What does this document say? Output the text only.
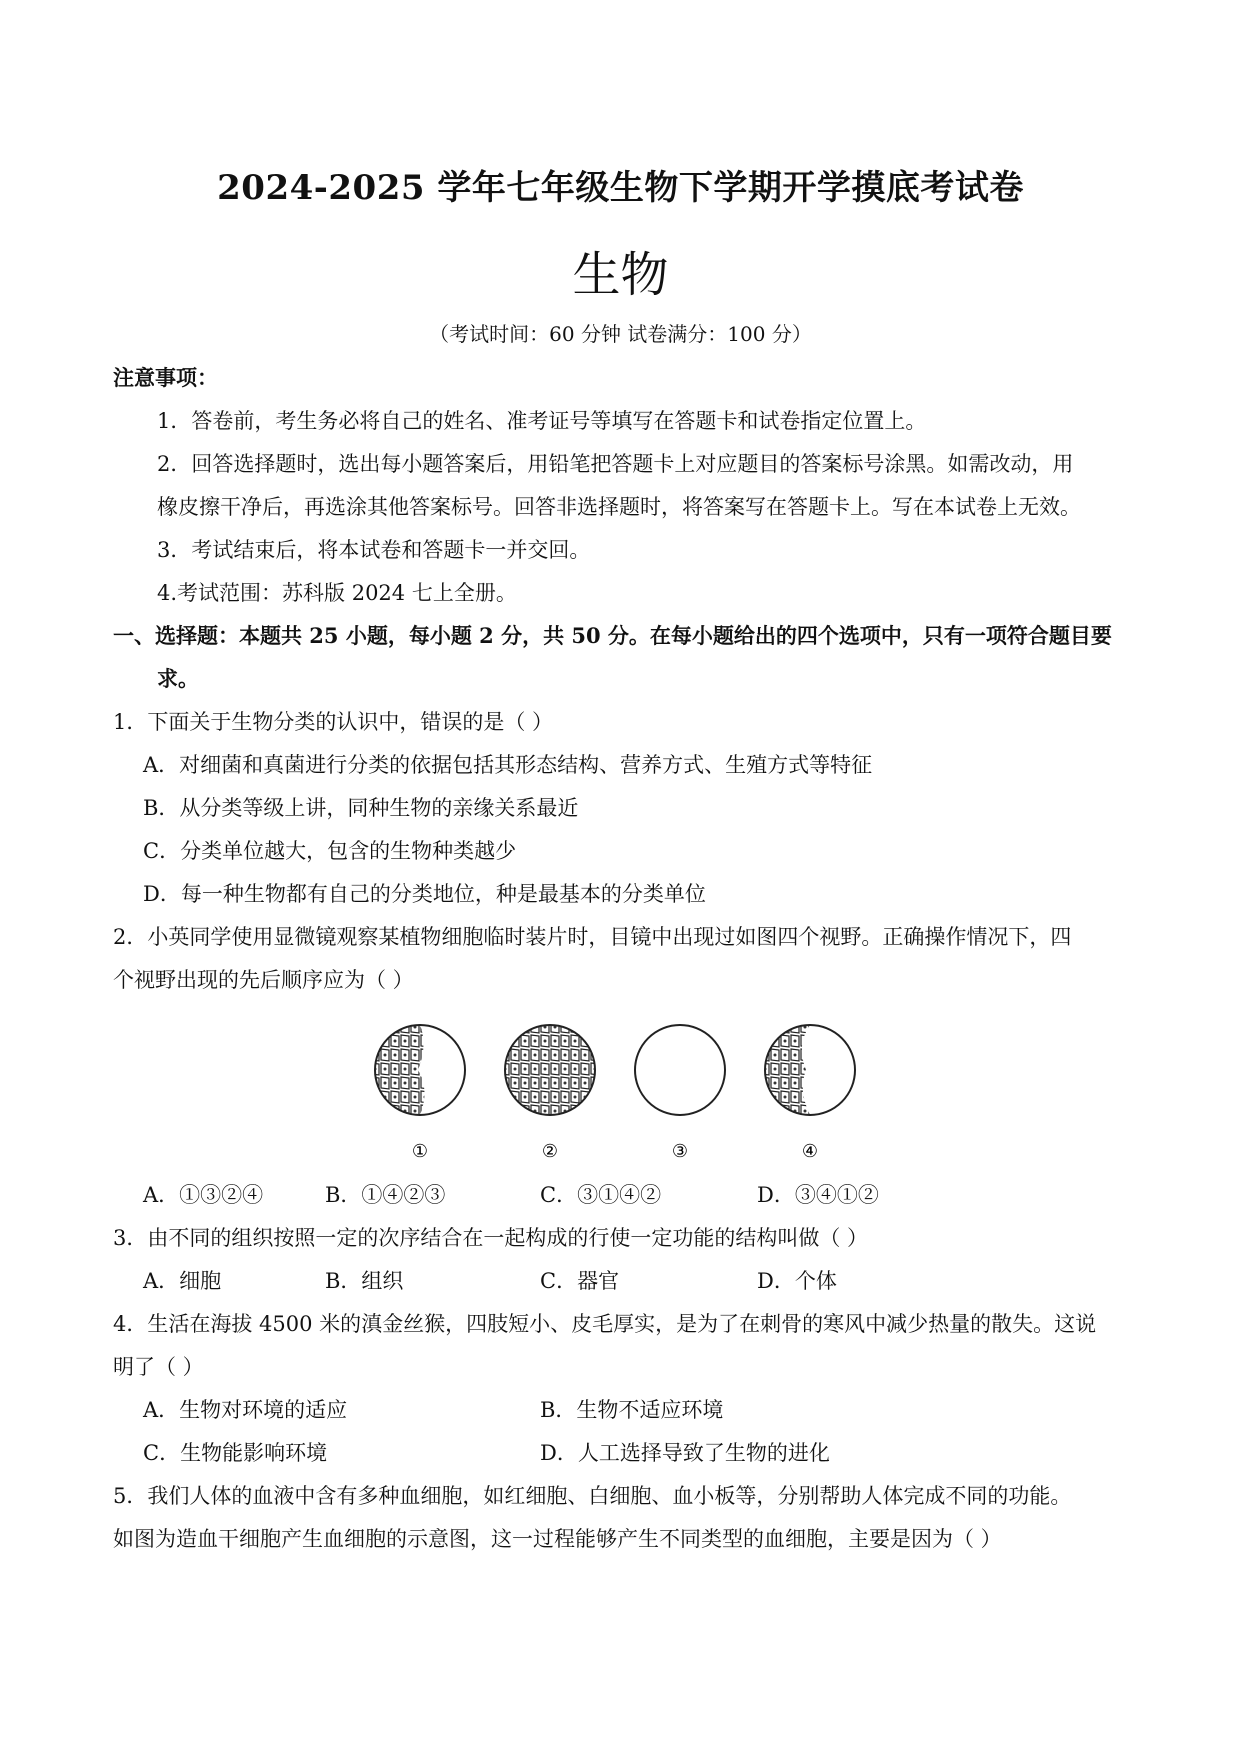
2024-2025 学年七年级生物下学期开学摸底考试卷
生物
（考试时间：60 分钟 试卷满分：100 分）
注意事项：
1．答卷前，考生务必将自己的姓名、准考证号等填写在答题卡和试卷指定位置上。
2．回答选择题时，选出每小题答案后，用铅笔把答题卡上对应题目的答案标号涂黑。如需改动，用
橡皮擦干净后，再选涂其他答案标号。回答非选择题时，将答案写在答题卡上。写在本试卷上无效。
3．考试结束后，将本试卷和答题卡一并交回。
4.考试范围：苏科版 2024 七上全册。
一、选择题：本题共 25 小题，每小题 2 分，共 50 分。在每小题给出的四个选项中，只有一项符合题目要
求。
1．下面关于生物分类的认识中，错误的是（ ）
A．对细菌和真菌进行分类的依据包括其形态结构、营养方式、生殖方式等特征
B．从分类等级上讲，同种生物的亲缘关系最近
C．分类单位越大，包含的生物种类越少
D．每一种生物都有自己的分类地位，种是最基本的分类单位
2．小英同学使用显微镜观察某植物细胞临时装片时，目镜中出现过如图四个视野。正确操作情况下，四
个视野出现的先后顺序应为（ ）
①	②	③	④
A．①③②④	B．①④②③	C．③①④②	D．③④①②
3．由不同的组织按照一定的次序结合在一起构成的行使一定功能的结构叫做（ ）
A．细胞	B．组织	C．器官	D．个体
4．生活在海拔 4500 米的滇金丝猴，四肢短小、皮毛厚实，是为了在刺骨的寒风中减少热量的散失。这说
明了（ ）
A．生物对环境的适应	B．生物不适应环境
C．生物能影响环境	D．人工选择导致了生物的进化
5．我们人体的血液中含有多种血细胞，如红细胞、白细胞、血小板等，分别帮助人体完成不同的功能。
如图为造血干细胞产生血细胞的示意图，这一过程能够产生不同类型的血细胞，主要是因为（ ）
